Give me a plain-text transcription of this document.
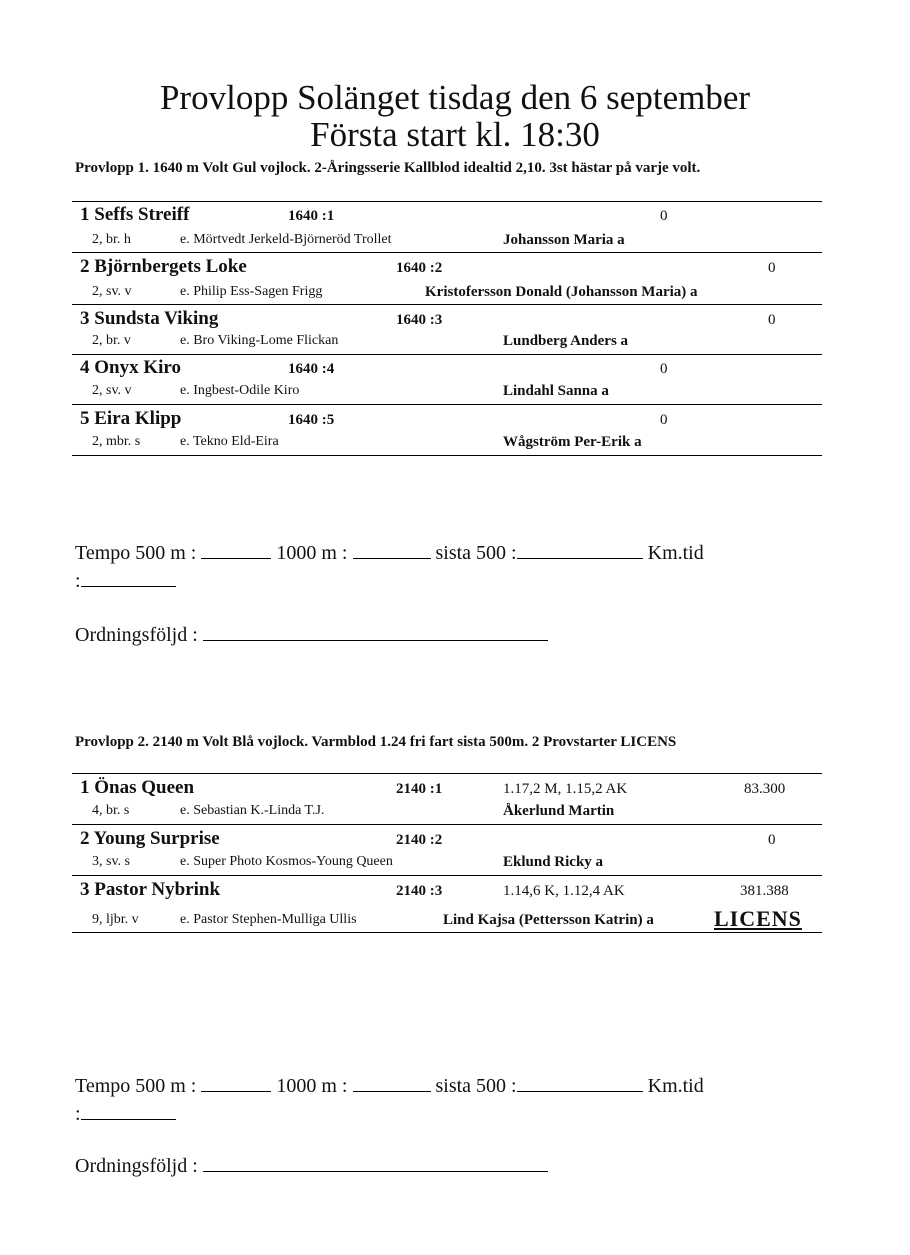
Provlopp Solänget tisdag den 6 september
Första start kl. 18:30
Provlopp 1. 1640 m Volt Gul vojlock. 2-Åringsserie Kallblod idealtid 2,10. 3st hästar på varje volt.
1 Seffs Streiff	1640 :1	0
2, br. h	e. Mörtvedt Jerkeld-Björneröd Trollet	Johansson Maria a
2 Björnbergets Loke	1640 :2	0
2, sv. v	e. Philip Ess-Sagen Frigg	Kristofersson Donald (Johansson Maria) a
3 Sundsta Viking	1640 :3	0
2, br. v	e. Bro Viking-Lome Flickan	Lundberg Anders a
4 Onyx Kiro	1640 :4	0
2, sv. v	e. Ingbest-Odile Kiro	Lindahl Sanna a
5 Eira Klipp	1640 :5	0
2, mbr. s	e. Tekno Eld-Eira	Wågström Per-Erik a
Tempo 500 m :	1000 m :	sista 500 :	Km.tid
:
Ordningsföljd :
Provlopp 2. 2140 m Volt Blå vojlock. Varmblod 1.24 fri fart sista 500m. 2 Provstarter LICENS
1 Önas Queen	2140 :1	1.17,2 M, 1.15,2 AK	83.300
4, br. s	e. Sebastian K.-Linda T.J.	Åkerlund Martin
2 Young Surprise	2140 :2	0
3, sv. s	e. Super Photo Kosmos-Young Queen	Eklund Ricky a
3 Pastor Nybrink	2140 :3	1.14,6 K, 1.12,4 AK	381.388
9, ljbr. v	e. Pastor Stephen-Mulliga Ullis	Lind Kajsa (Pettersson Katrin) a	LICENS
Tempo 500 m :	1000 m :	sista 500 :	Km.tid
:
Ordningsföljd :
